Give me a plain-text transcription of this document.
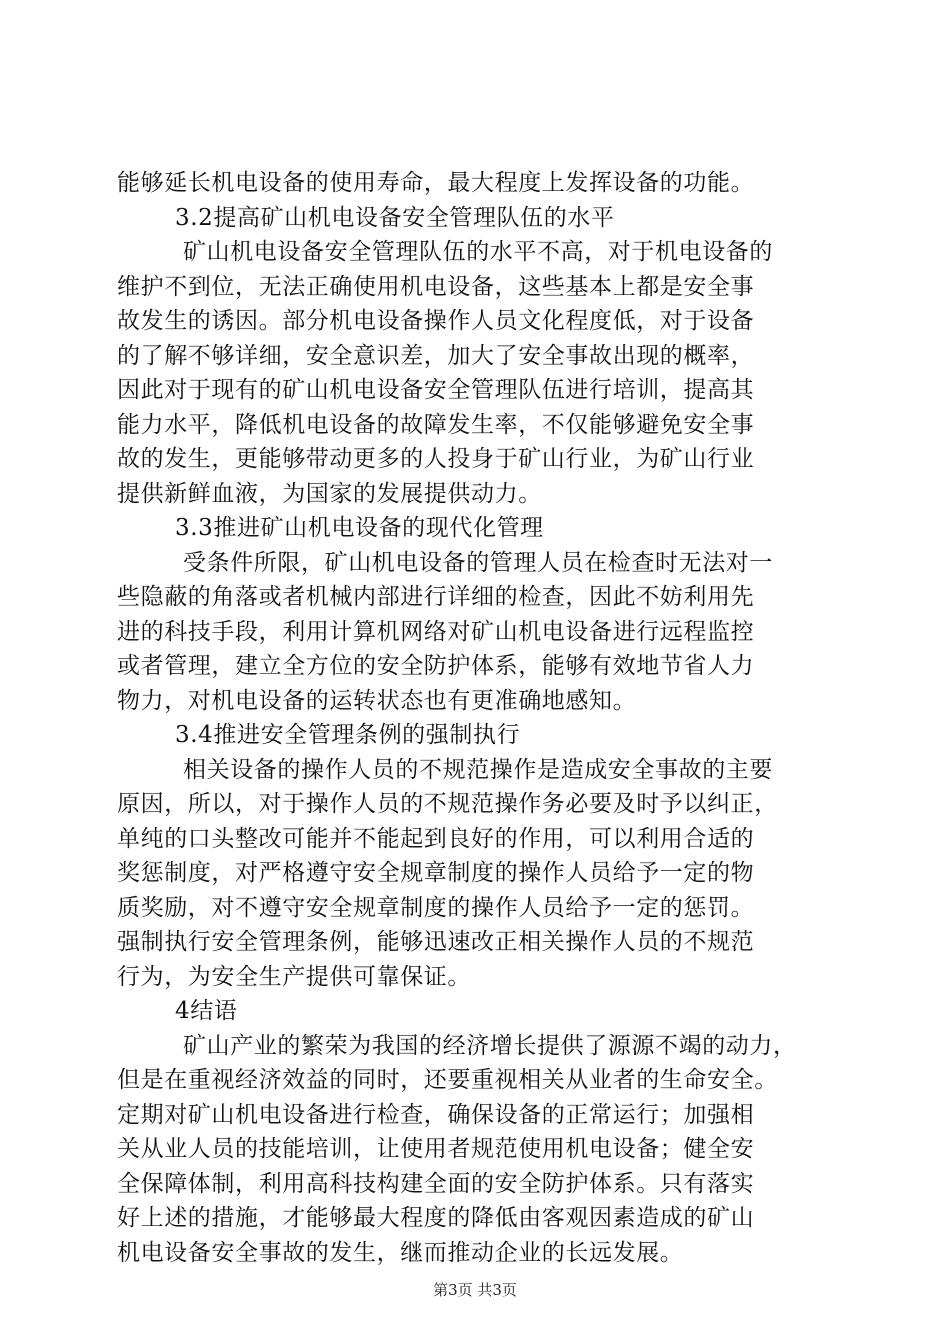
能够延长机电设备的使用寿命，最大程度上发挥设备的功能。
3.2提高矿山机电设备安全管理队伍的水平
矿山机电设备安全管理队伍的水平不高，对于机电设备的
维护不到位，无法正确使用机电设备，这些基本上都是安全事
故发生的诱因。部分机电设备操作人员文化程度低，对于设备
的了解不够详细，安全意识差，加大了安全事故出现的概率，
因此对于现有的矿山机电设备安全管理队伍进行培训，提高其
能力水平，降低机电设备的故障发生率，不仅能够避免安全事
故的发生，更能够带动更多的人投身于矿山行业，为矿山行业
提供新鲜血液，为国家的发展提供动力。
3.3推进矿山机电设备的现代化管理
受条件所限，矿山机电设备的管理人员在检查时无法对一
些隐蔽的角落或者机械内部进行详细的检查，因此不妨利用先
进的科技手段，利用计算机网络对矿山机电设备进行远程监控
或者管理，建立全方位的安全防护体系，能够有效地节省人力
物力，对机电设备的运转状态也有更准确地感知。
3.4推进安全管理条例的强制执行
相关设备的操作人员的不规范操作是造成安全事故的主要
原因，所以，对于操作人员的不规范操作务必要及时予以纠正，
单纯的口头整改可能并不能起到良好的作用，可以利用合适的
奖惩制度，对严格遵守安全规章制度的操作人员给予一定的物
质奖励，对不遵守安全规章制度的操作人员给予一定的惩罚。
强制执行安全管理条例，能够迅速改正相关操作人员的不规范
行为，为安全生产提供可靠保证。
4结语
矿山产业的繁荣为我国的经济增长提供了源源不竭的动力，
但是在重视经济效益的同时，还要重视相关从业者的生命安全。
定期对矿山机电设备进行检查，确保设备的正常运行；加强相
关从业人员的技能培训，让使用者规范使用机电设备；健全安
全保障体制，利用高科技构建全面的安全防护体系。只有落实
好上述的措施，才能够最大程度的降低由客观因素造成的矿山
机电设备安全事故的发生，继而推动企业的长远发展。
第3页 共3页
